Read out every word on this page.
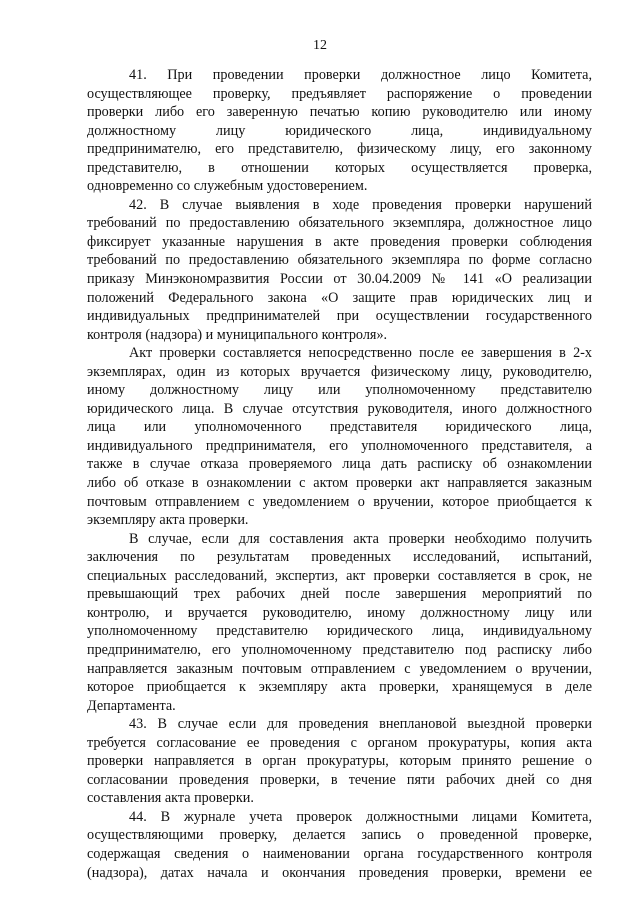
12
41. При проведении проверки должностное лицо Комитета,
осуществляющее проверку, предъявляет распоряжение о проведении
проверки либо его заверенную печатью копию руководителю или иному
должностному лицу юридического лица, индивидуальному
предпринимателю, его представителю, физическому лицу, его законному
представителю, в отношении которых осуществляется проверка,
одновременно со служебным удостоверением.
42. В случае выявления в ходе проведения проверки нарушений
требований по предоставлению обязательного экземпляра, должностное лицо
фиксирует указанные нарушения в акте проведения проверки соблюдения
требований по предоставлению обязательного экземпляра по форме согласно
приказу Минэкономразвития России от 30.04.2009 № 141 «О реализации
положений Федерального закона «О защите прав юридических лиц и
индивидуальных предпринимателей при осуществлении государственного
контроля (надзора) и муниципального контроля».
Акт проверки составляется непосредственно после ее завершения в 2-х
экземплярах, один из которых вручается физическому лицу, руководителю,
иному должностному лицу или уполномоченному представителю
юридического лица. В случае отсутствия руководителя, иного должностного
лица или уполномоченного представителя юридического лица,
индивидуального предпринимателя, его уполномоченного представителя, а
также в случае отказа проверяемого лица дать расписку об ознакомлении
либо об отказе в ознакомлении с актом проверки акт направляется заказным
почтовым отправлением с уведомлением о вручении, которое приобщается к
экземпляру акта проверки.
В случае, если для составления акта проверки необходимо получить
заключения по результатам проведенных исследований, испытаний,
специальных расследований, экспертиз, акт проверки составляется в срок, не
превышающий трех рабочих дней после завершения мероприятий по
контролю, и вручается руководителю, иному должностному лицу или
уполномоченному представителю юридического лица, индивидуальному
предпринимателю, его уполномоченному представителю под расписку либо
направляется заказным почтовым отправлением с уведомлением о вручении,
которое приобщается к экземпляру акта проверки, хранящемуся в деле
Департамента.
43. В случае если для проведения внеплановой выездной проверки
требуется согласование ее проведения с органом прокуратуры, копия акта
проверки направляется в орган прокуратуры, которым принято решение о
согласовании проведения проверки, в течение пяти рабочих дней со дня
составления акта проверки.
44. В журнале учета проверок должностными лицами Комитета,
осуществляющими проверку, делается запись о проведенной проверке,
содержащая сведения о наименовании органа государственного контроля
(надзора), датах начала и окончания проведения проверки, времени ее
